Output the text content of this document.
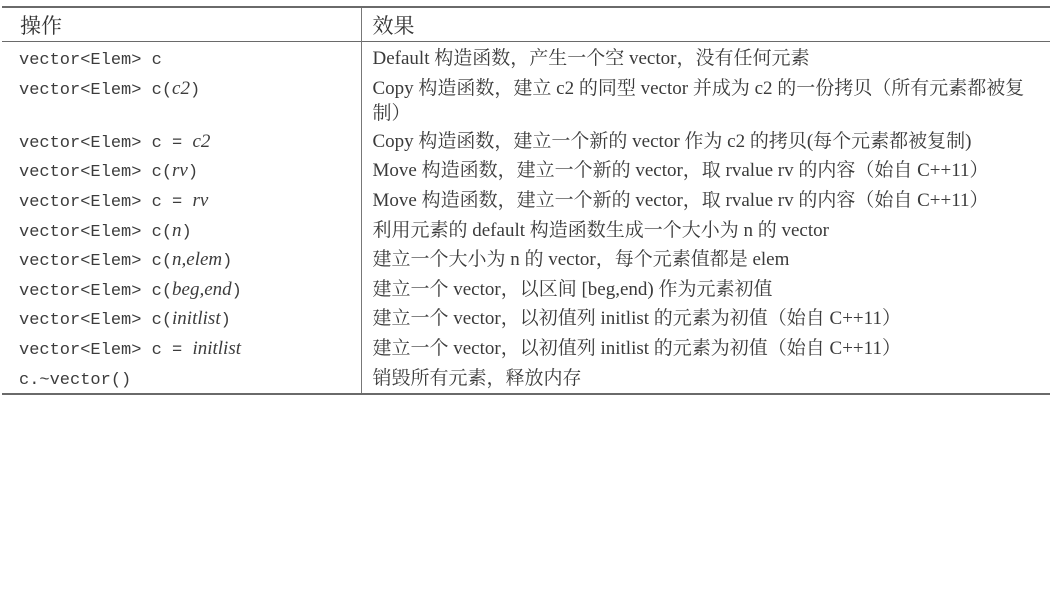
操作	效果
vector<Elem> c	Default 构造函数，产生一个空 vector，没有任何元素
vector<Elem> c(c2)	Copy 构造函数，建立 c2 的同型 vector 并成为 c2 的一份拷贝（所有元素都被复制）
vector<Elem> c = c2	Copy 构造函数，建立一个新的 vector 作为 c2 的拷贝(每个元素都被复制)
vector<Elem> c(rv)	Move 构造函数，建立一个新的 vector，取 rvalue rv 的内容（始自 C++11）
vector<Elem> c = rv	Move 构造函数，建立一个新的 vector，取 rvalue rv 的内容（始自 C++11）
vector<Elem> c(n)	利用元素的 default 构造函数生成一个大小为 n 的 vector
vector<Elem> c(n,elem)	建立一个大小为 n 的 vector，每个元素值都是 elem
vector<Elem> c(beg,end)	建立一个 vector，以区间 [beg,end) 作为元素初值
vector<Elem> c(initlist)	建立一个 vector，以初值列 initlist 的元素为初值（始自 C++11）
vector<Elem> c = initlist	建立一个 vector，以初值列 initlist 的元素为初值（始自 C++11）
c.~vector()	销毁所有元素，释放内存
